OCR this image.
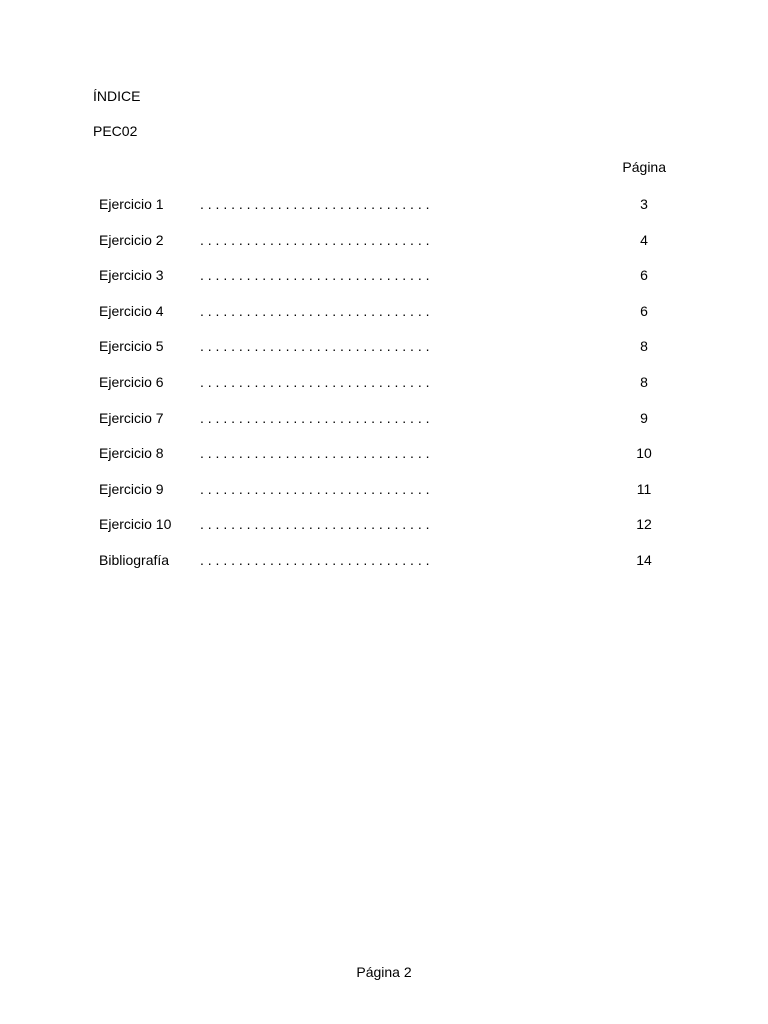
ÍNDICE
PEC02
Página
Ejercicio 1	. . . . . . . . . . . . . . . . . . . . . . . . . . . . . .	3
Ejercicio 2	. . . . . . . . . . . . . . . . . . . . . . . . . . . . . .	4
Ejercicio 3	. . . . . . . . . . . . . . . . . . . . . . . . . . . . . .	6
Ejercicio 4	. . . . . . . . . . . . . . . . . . . . . . . . . . . . . .	6
Ejercicio 5	. . . . . . . . . . . . . . . . . . . . . . . . . . . . . .	8
Ejercicio 6	. . . . . . . . . . . . . . . . . . . . . . . . . . . . . .	8
Ejercicio 7	. . . . . . . . . . . . . . . . . . . . . . . . . . . . . .	9
Ejercicio 8	. . . . . . . . . . . . . . . . . . . . . . . . . . . . . .	10
Ejercicio 9	. . . . . . . . . . . . . . . . . . . . . . . . . . . . . .	11
Ejercicio 10 . . . . . . . . . . . . . . . . . . . . . . . . . . . . . .	12
Bibliografía . . . . . . . . . . . . . . . . . . . . . . . . . . . . . .	14
Página 2
